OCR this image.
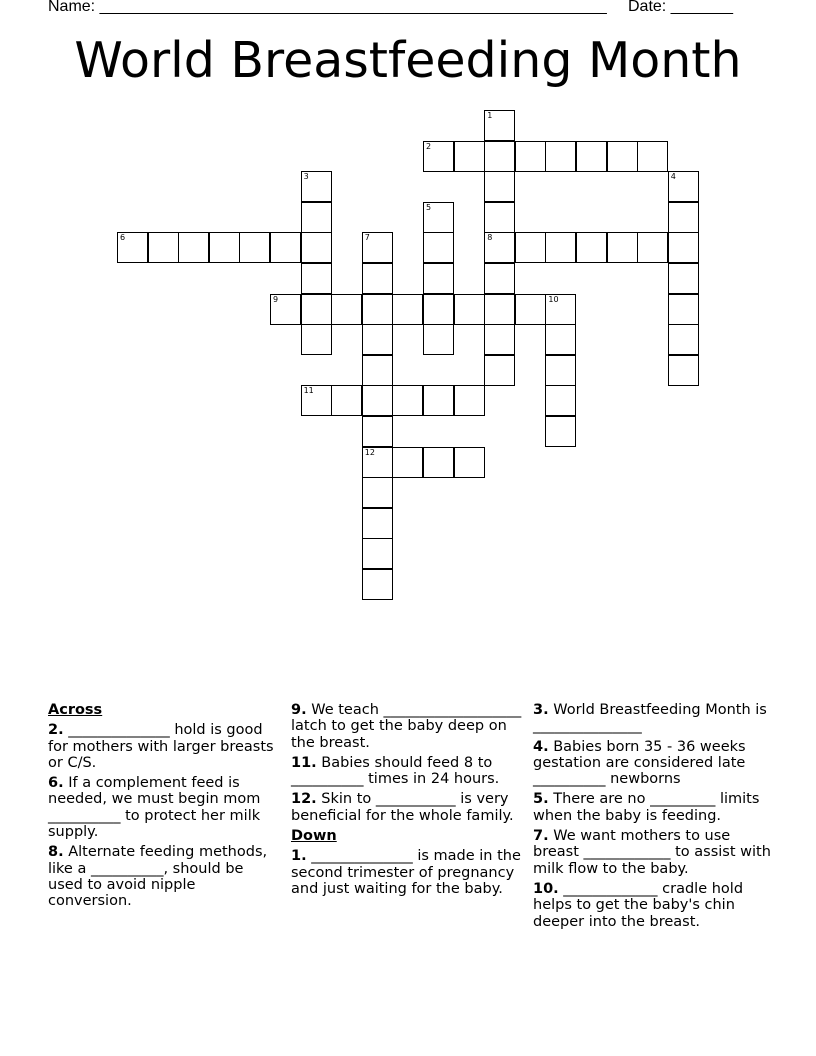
Name: _________________________________________________________ Date: _______
World Breastfeeding Month
2
6	8
9	10
11
12
1
3	4
5
7
Across
2. ______________ hold is good for mothers with larger breasts or C/S.
6. If a complement feed is needed, we must begin mom __________ to protect her milk supply.
8. Alternate feeding methods, like a __________, should be used to avoid nipple conversion.
9. We teach ___________________ latch to get the baby deep on the breast.
11. Babies should feed 8 to __________ times in 24 hours.
12. Skin to ___________ is very beneficial for the whole family.
Down
1. ______________ is made in the second trimester of pregnancy and just waiting for the baby.
3. World Breastfeeding Month is _______________
4. Babies born 35 - 36 weeks gestation are considered late __________ newborns
5. There are no _________ limits when the baby is feeding.
7. We want mothers to use breast ____________ to assist with milk flow to the baby.
10. _____________ cradle hold helps to get the baby's chin deeper into the breast.
